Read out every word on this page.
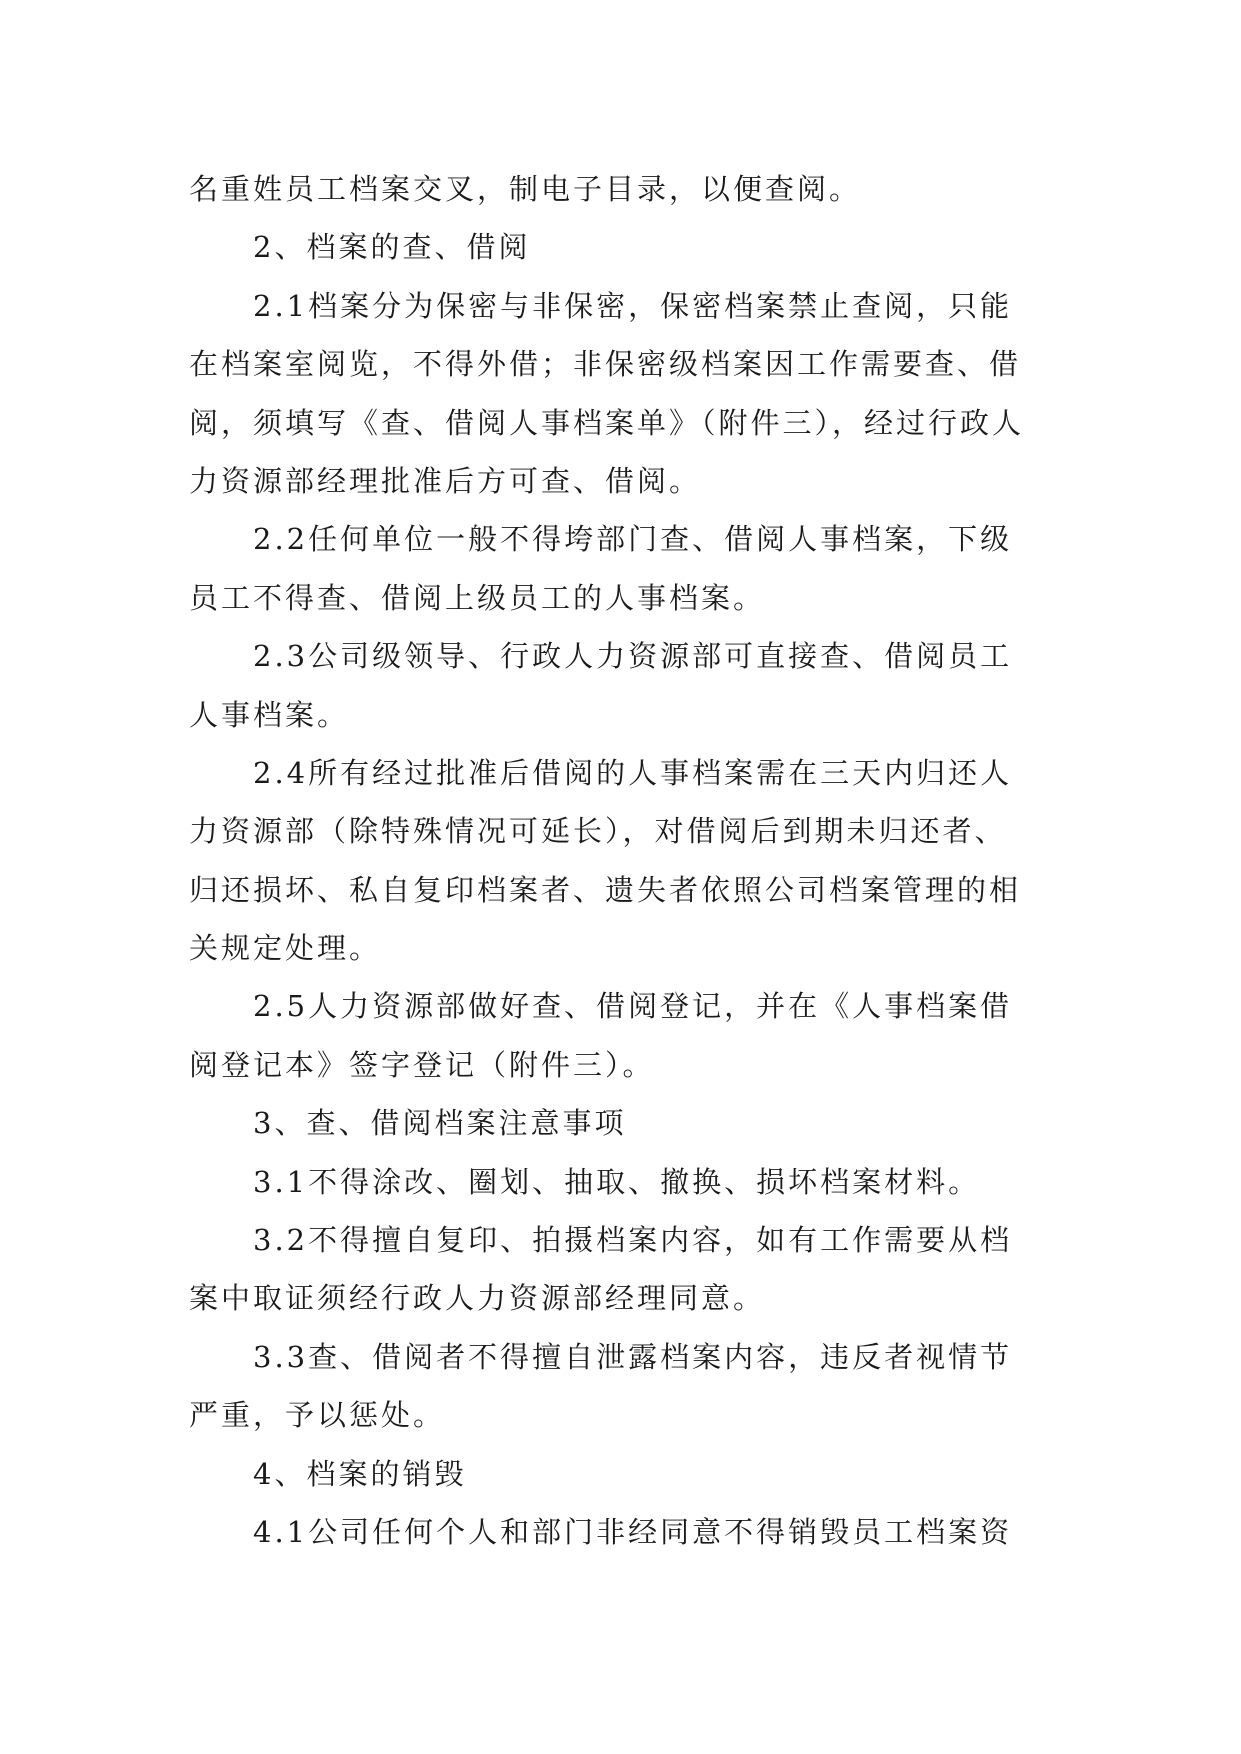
名重姓员工档案交叉，制电子目录，以便查阅。

2、档案的查、借阅

2.1档案分为保密与非保密，保密档案禁止查阅，只能

在档案室阅览，不得外借；非保密级档案因工作需要查、借

阅，须填写《查、借阅人事档案单》（附件三），经过行政人

力资源部经理批准后方可查、借阅。

2.2任何单位一般不得垮部门查、借阅人事档案，下级

员工不得查、借阅上级员工的人事档案。

2.3公司级领导、行政人力资源部可直接查、借阅员工

人事档案。

2.4所有经过批准后借阅的人事档案需在三天内归还人

力资源部（除特殊情况可延长），对借阅后到期未归还者、

归还损坏、私自复印档案者、遗失者依照公司档案管理的相

关规定处理。

2.5人力资源部做好查、借阅登记，并在《人事档案借

阅登记本》签字登记（附件三）。

3、查、借阅档案注意事项

3.1不得涂改、圈划、抽取、撤换、损坏档案材料。

3.2不得擅自复印、拍摄档案内容，如有工作需要从档

案中取证须经行政人力资源部经理同意。

3.3查、借阅者不得擅自泄露档案内容，违反者视情节

严重，予以惩处。

4、档案的销毁

4.1公司任何个人和部门非经同意不得销毁员工档案资
